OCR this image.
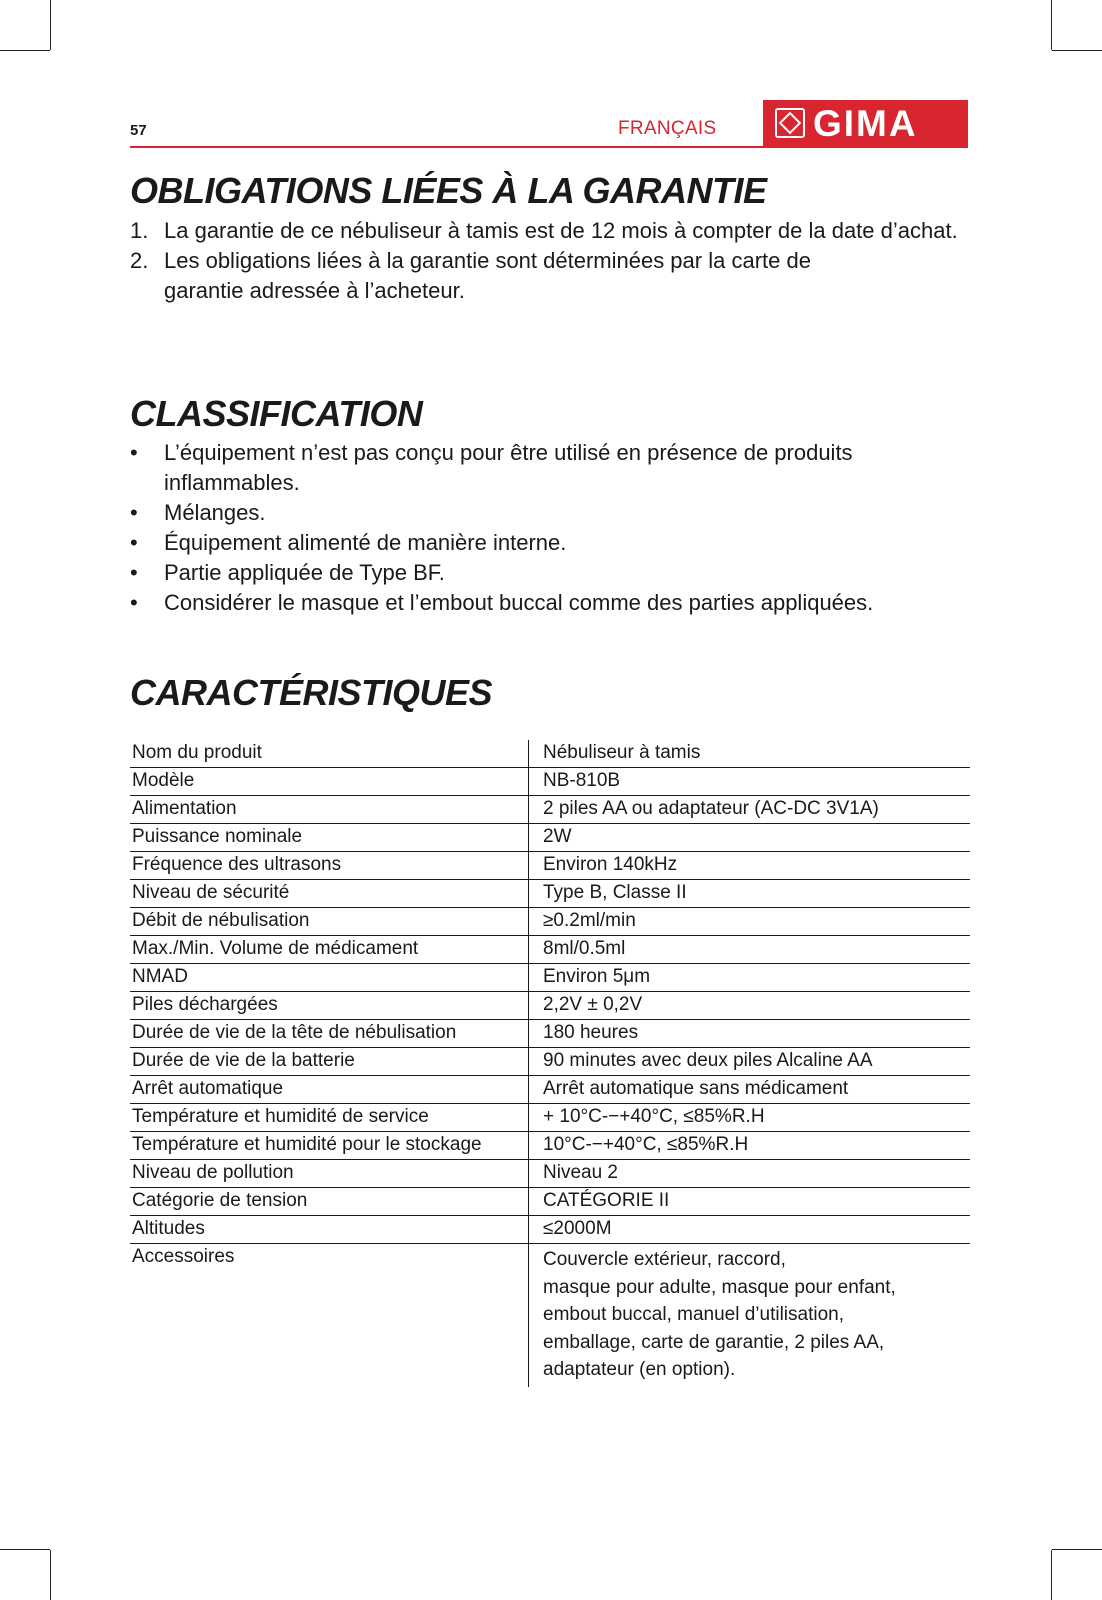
57	FRANÇAIS	GIMA
OBLIGATIONS LIÉES À LA GARANTIE
1. La garantie de ce nébuliseur à tamis est de 12 mois à compter de la date d’achat.
2. Les obligations liées à la garantie sont déterminées par la carte de garantie adressée à l’acheteur.
CLASSIFICATION
• L’équipement n’est pas conçu pour être utilisé en présence de produits inflammables.
• Mélanges.
• Équipement alimenté de manière interne.
• Partie appliquée de Type BF.
• Considérer le masque et l’embout buccal comme des parties appliquées.
CARACTÉRISTIQUES
Nom du produit	Nébuliseur à tamis
Modèle	NB-810B
Alimentation	2 piles AA ou adaptateur (AC-DC 3V1A)
Puissance nominale	2W
Fréquence des ultrasons	Environ 140kHz
Niveau de sécurité	Type B, Classe II
Débit de nébulisation	≥0.2ml/min
Max./Min. Volume de médicament	8ml/0.5ml
NMAD	Environ 5μm
Piles déchargées	2,2V ± 0,2V
Durée de vie de la tête de nébulisation	180 heures
Durée de vie de la batterie	90 minutes avec deux piles Alcaline AA
Arrêt automatique	Arrêt automatique sans médicament
Température et humidité de service	+ 10°C-−+40°C, ≤85%R.H
Température et humidité pour le stockage	10°C-−+40°C, ≤85%R.H
Niveau de pollution	Niveau 2
Catégorie de tension	CATÉGORIE II
Altitudes	≤2000M
Accessoires	Couvercle extérieur, raccord,
masque pour adulte, masque pour enfant,
embout buccal, manuel d’utilisation,
emballage, carte de garantie, 2 piles AA,
adaptateur (en option).
